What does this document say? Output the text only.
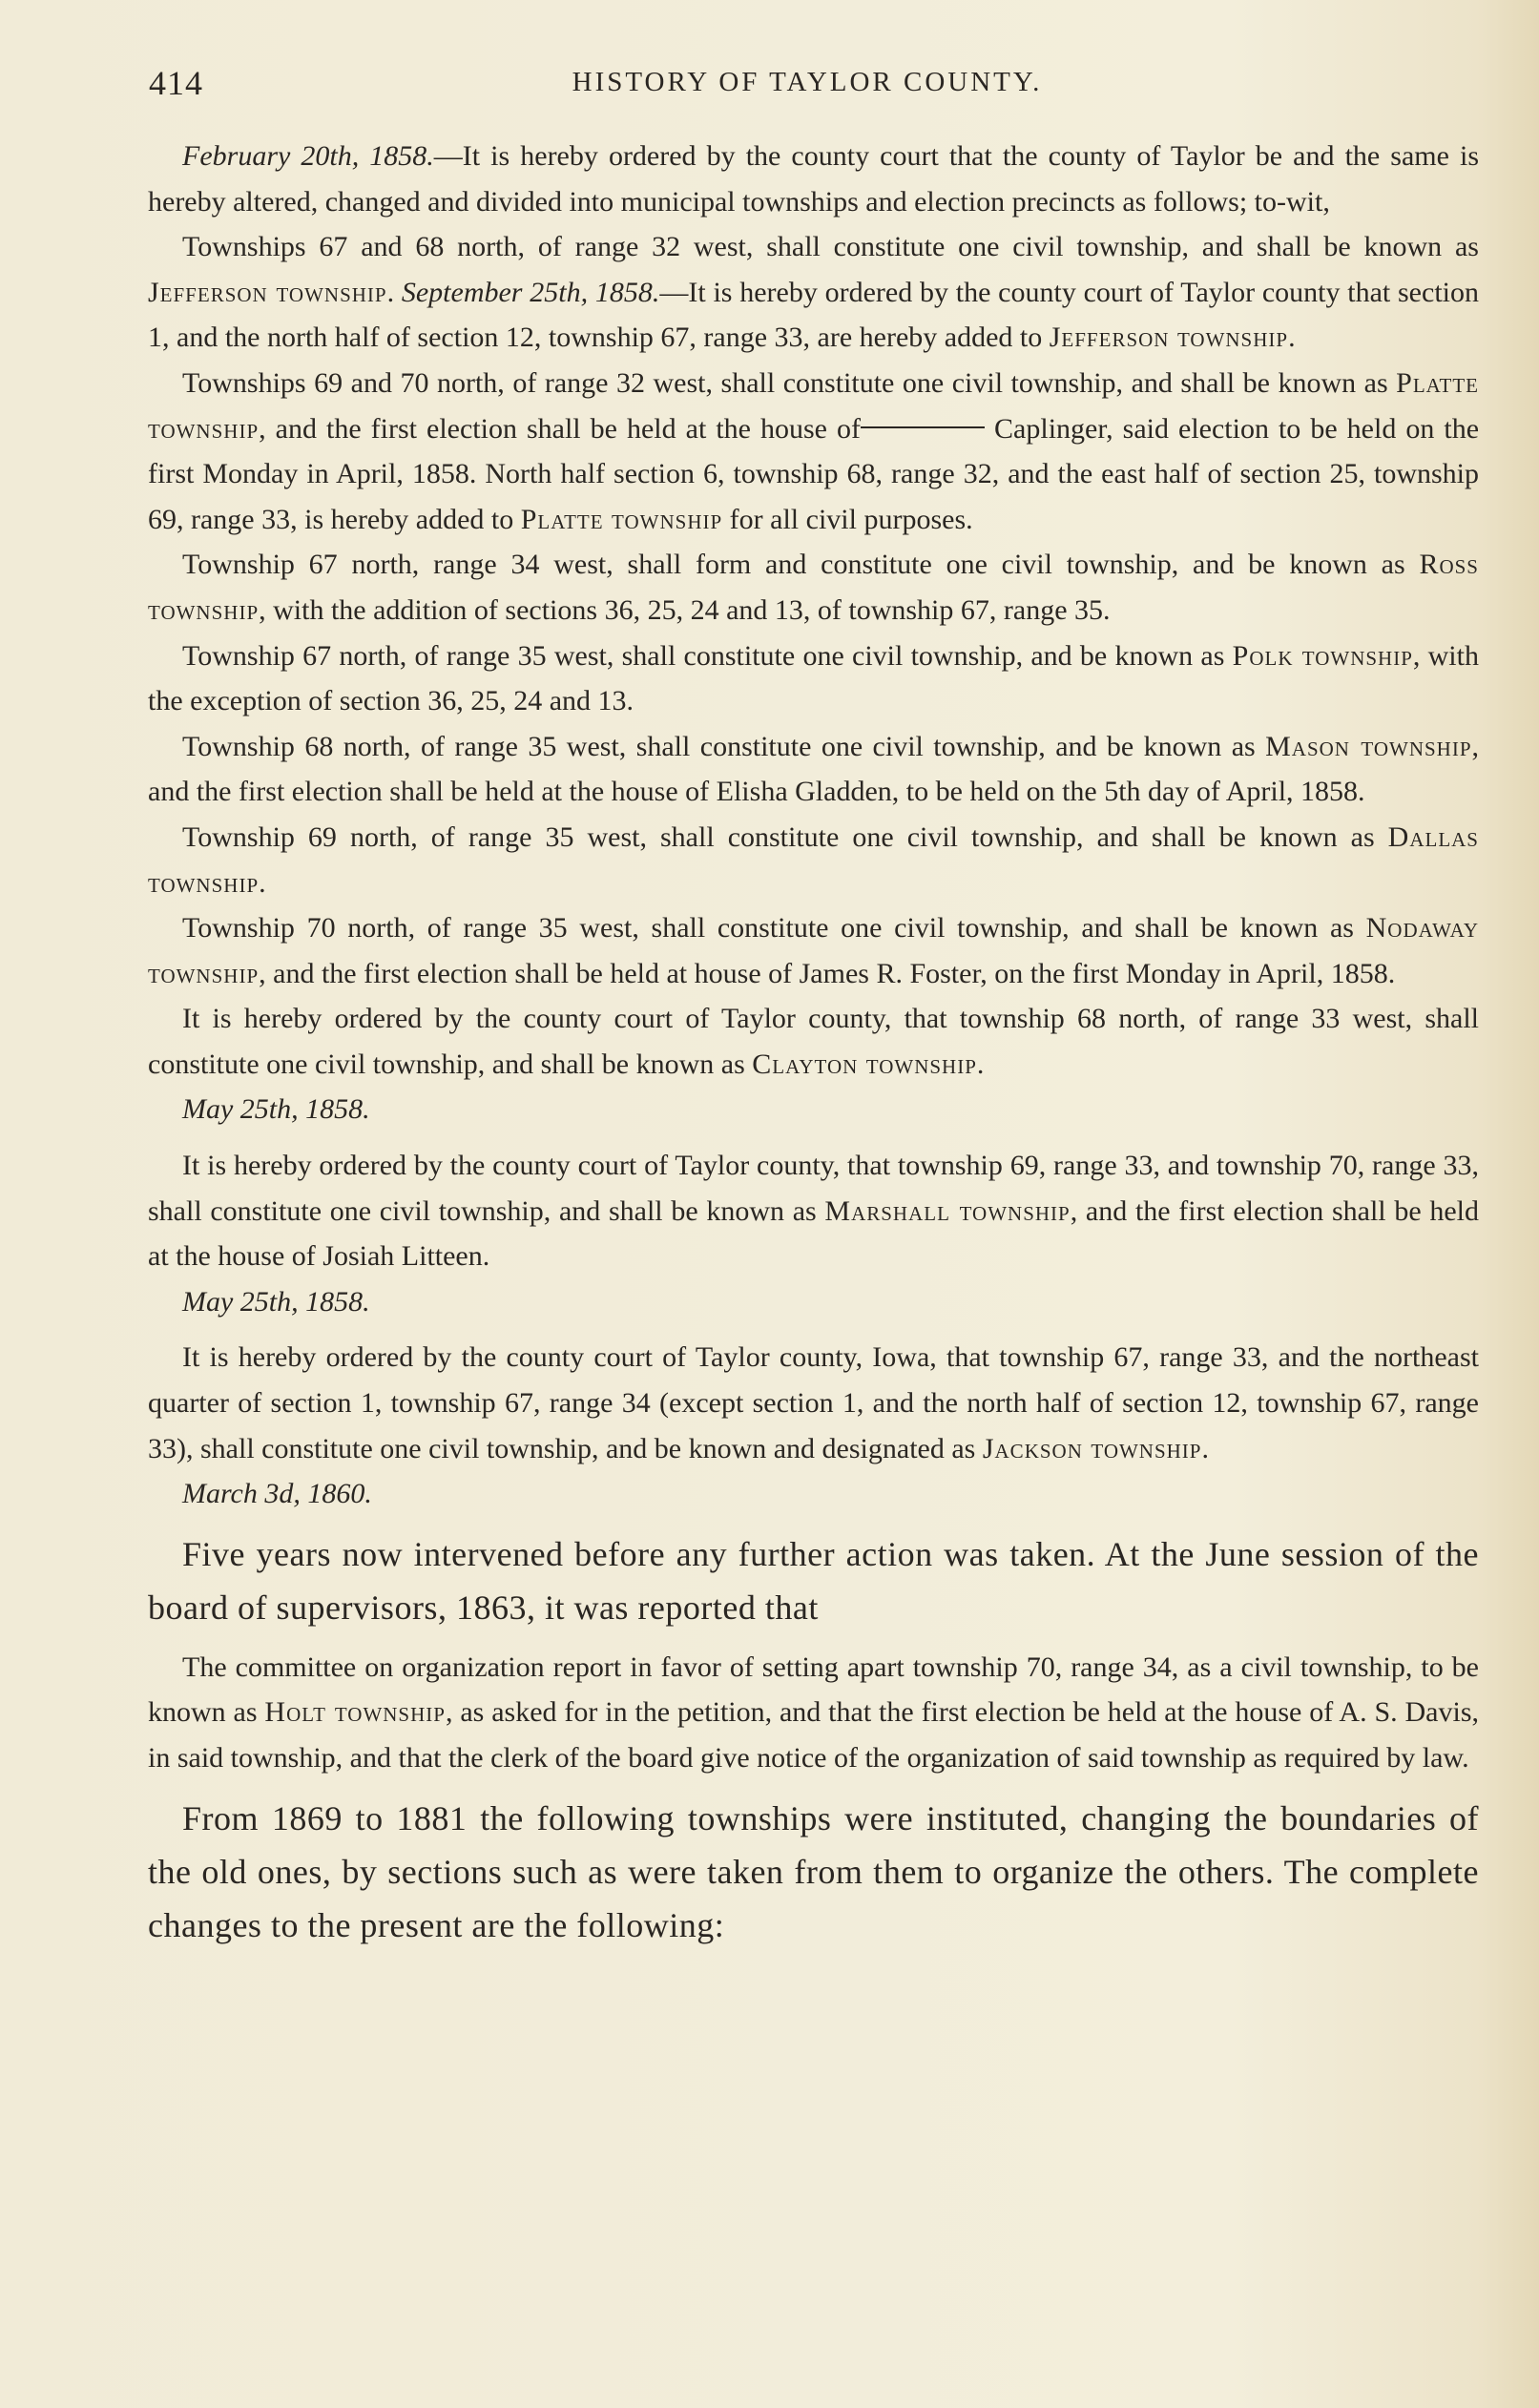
414	HISTORY OF TAYLOR COUNTY.

February 20th, 1858.—It is hereby ordered by the county court that the county of Taylor be and the same is hereby altered, changed and divided into municipal townships and election precincts as follows; to-wit,

Townships 67 and 68 north, of range 32 west, shall constitute one civil township, and shall be known as Jefferson township. September 25th, 1858.—It is hereby ordered by the county court of Taylor county that section 1, and the north half of section 12, township 67, range 33, are hereby added to Jefferson township.

Townships 69 and 70 north, of range 32 west, shall constitute one civil township, and shall be known as Platte township, and the first election shall be held at the house of	Caplinger, said election to be held on the first Monday in April, 1858. North half section 6, township 68, range 32, and the east half of section 25, township 69, range 33, is hereby added to Platte township for all civil purposes.

Township 67 north, range 34 west, shall form and constitute one civil township, and be known as Ross township, with the addition of sections 36, 25, 24 and 13, of township 67, range 35.

Township 67 north, of range 35 west, shall constitute one civil township, and be known as Polk township, with the exception of section 36, 25, 24 and 13.

Township 68 north, of range 35 west, shall constitute one civil township, and be known as Mason township, and the first election shall be held at the house of Elisha Gladden, to be held on the 5th day of April, 1858.

Township 69 north, of range 35 west, shall constitute one civil township, and shall be known as Dallas township.

Township 70 north, of range 35 west, shall constitute one civil township, and shall be known as Nodaway township, and the first election shall be held at house of James R. Foster, on the first Monday in April, 1858.

It is hereby ordered by the county court of Taylor county, that township 68 north, of range 33 west, shall constitute one civil township, and shall be known as Clayton township.

May 25th, 1858.

It is hereby ordered by the county court of Taylor county, that township 69, range 33, and township 70, range 33, shall constitute one civil township, and shall be known as Marshall township, and the first election shall be held at the house of Josiah Litteen.

May 25th, 1858.

It is hereby ordered by the county court of Taylor county, Iowa, that township 67, range 33, and the northeast quarter of section 1, township 67, range 34 (except section 1, and the north half of section 12, township 67, range 33), shall constitute one civil township, and be known and designated as Jackson township.

March 3d, 1860.

Five years now intervened before any further action was taken. At the June session of the board of supervisors, 1863, it was reported that

The committee on organization report in favor of setting apart township 70, range 34, as a civil township, to be known as Holt township, as asked for in the petition, and that the first election be held at the house of A. S. Davis, in said township, and that the clerk of the board give notice of the organization of said township as required by law.

From 1869 to 1881 the following townships were instituted, changing the boundaries of the old ones, by sections such as were taken from them to organize the others. The complete changes to the present are the following:
